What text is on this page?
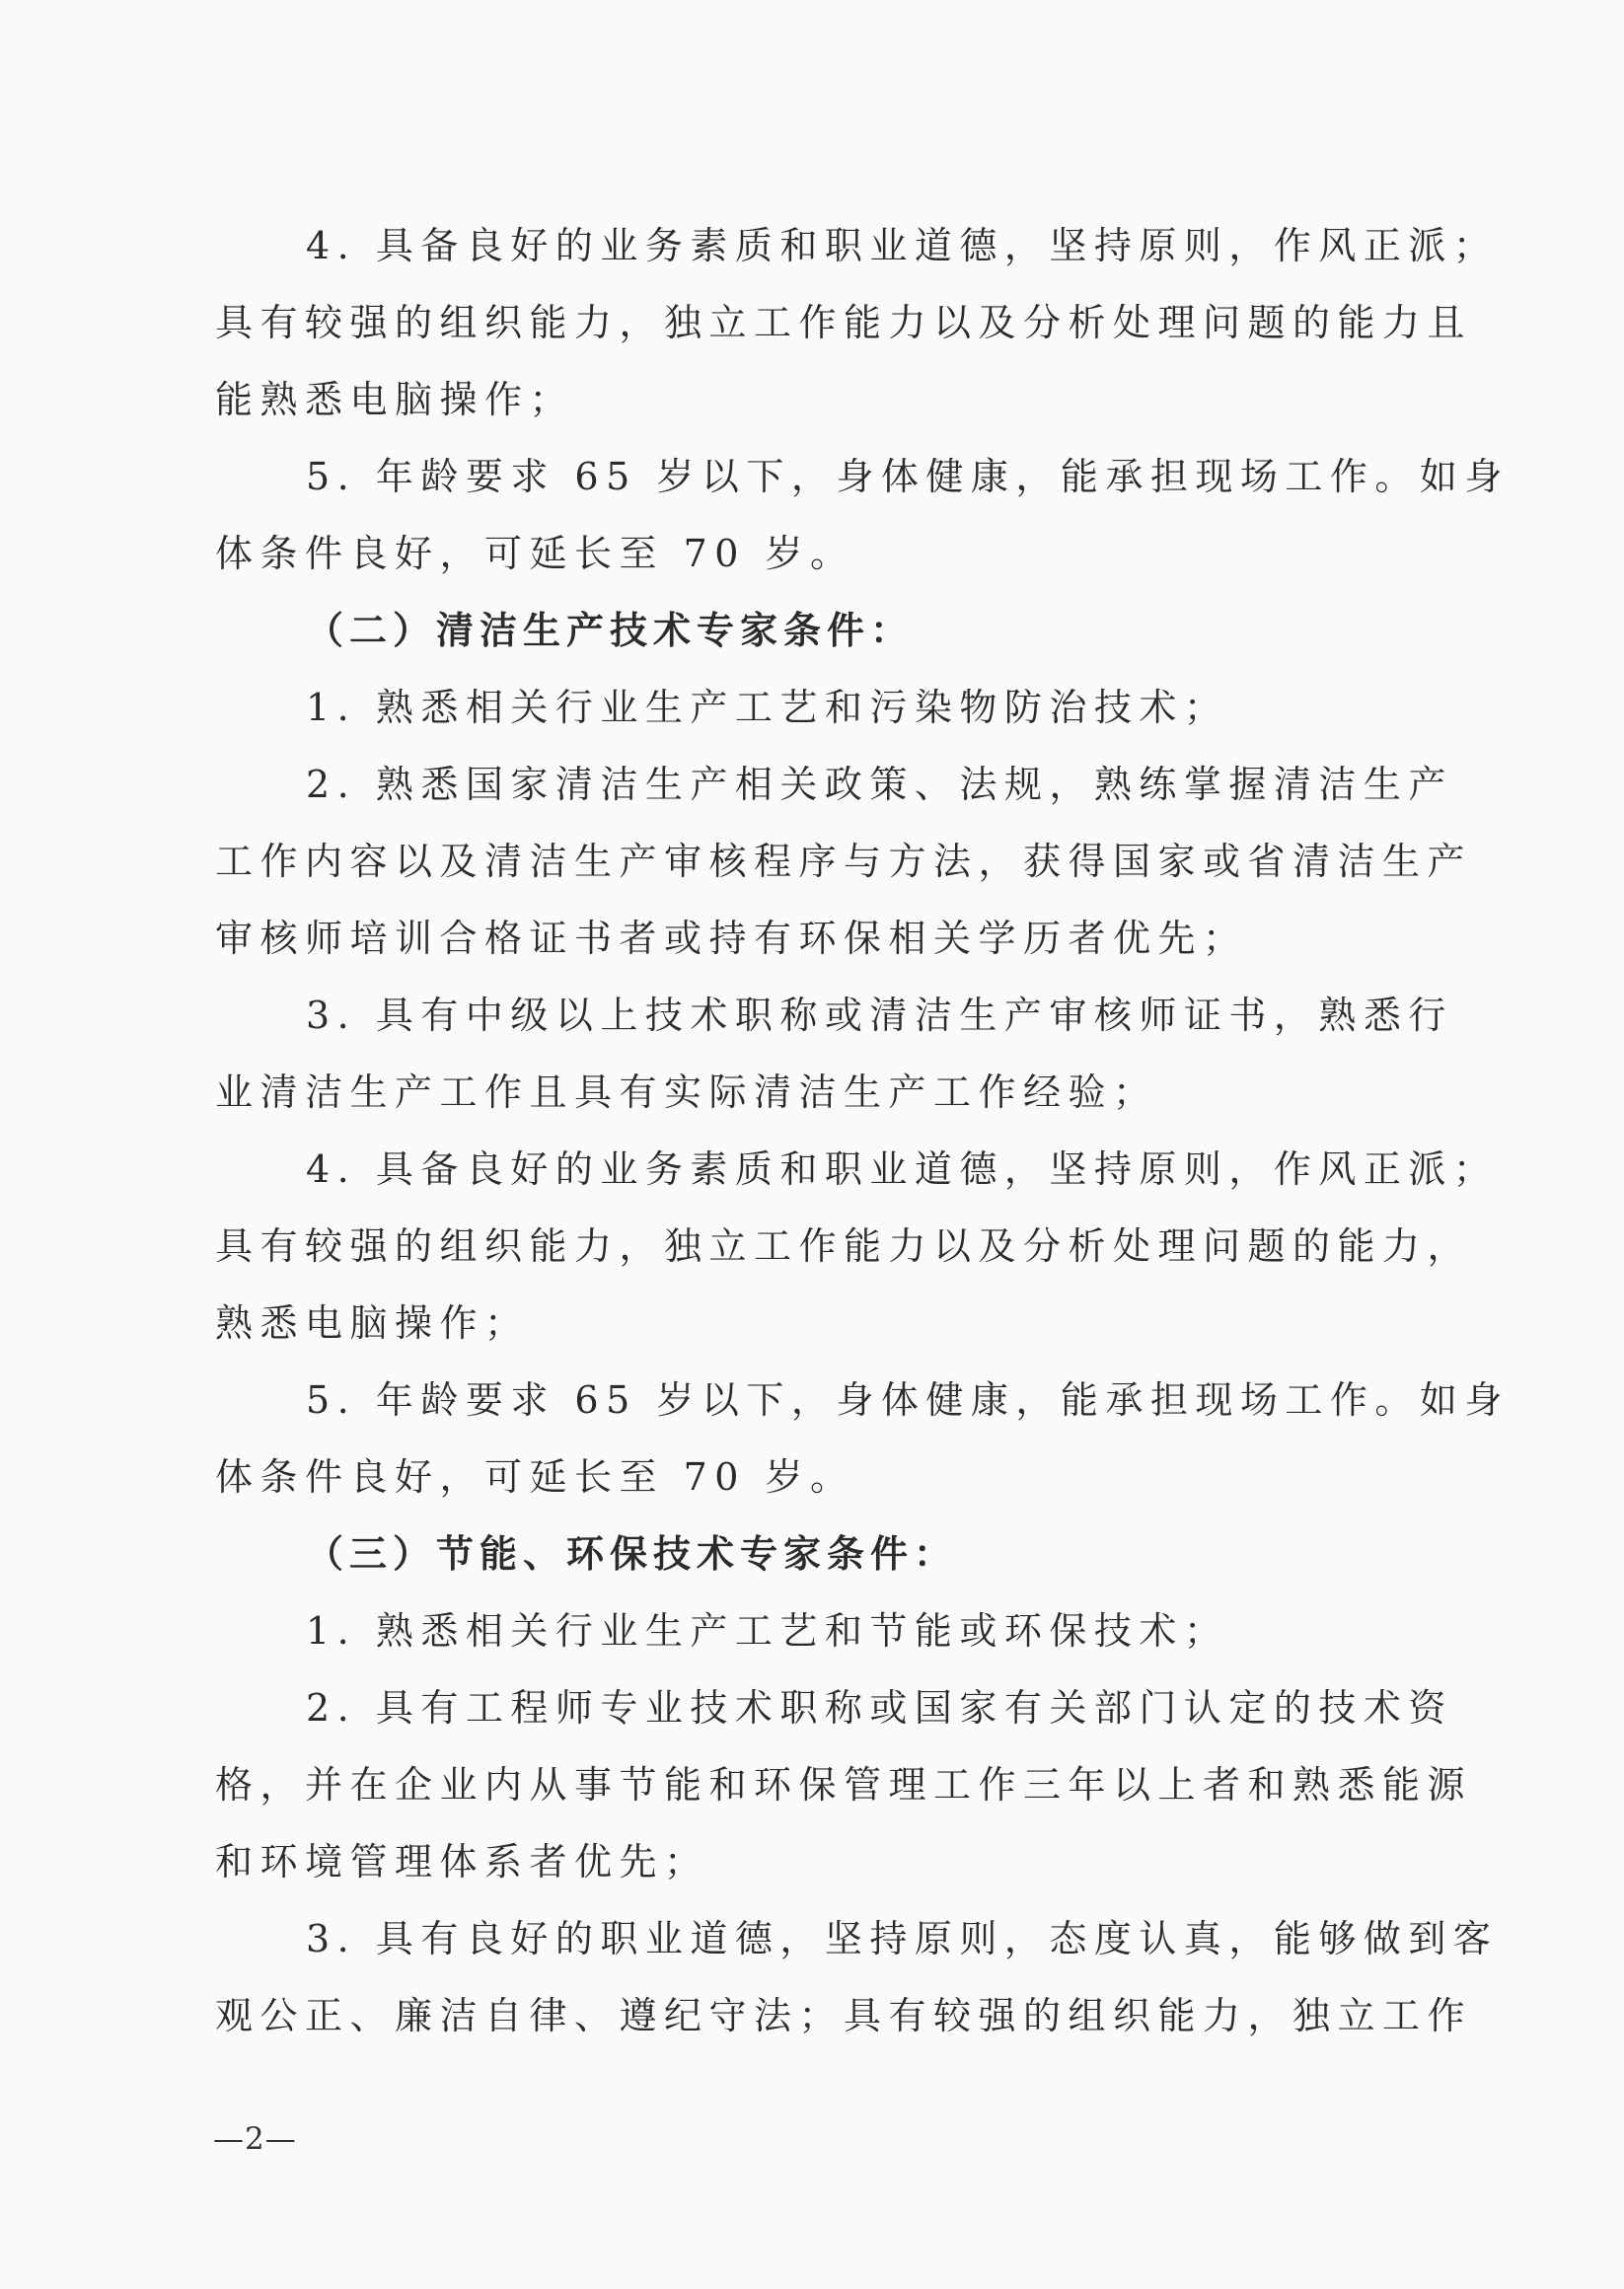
4. 具备良好的业务素质和职业道德，坚持原则，作风正派；
具有较强的组织能力，独立工作能力以及分析处理问题的能力且
能熟悉电脑操作；
5. 年龄要求 65 岁以下，身体健康，能承担现场工作。如身
体条件良好，可延长至 70 岁。
（二）清洁生产技术专家条件：
1. 熟悉相关行业生产工艺和污染物防治技术；
2. 熟悉国家清洁生产相关政策、法规，熟练掌握清洁生产
工作内容以及清洁生产审核程序与方法，获得国家或省清洁生产
审核师培训合格证书者或持有环保相关学历者优先；
3. 具有中级以上技术职称或清洁生产审核师证书，熟悉行
业清洁生产工作且具有实际清洁生产工作经验；
4. 具备良好的业务素质和职业道德，坚持原则，作风正派；
具有较强的组织能力，独立工作能力以及分析处理问题的能力，
熟悉电脑操作；
5. 年龄要求 65 岁以下，身体健康，能承担现场工作。如身
体条件良好，可延长至 70 岁。
（三）节能、环保技术专家条件：
1. 熟悉相关行业生产工艺和节能或环保技术；
2. 具有工程师专业技术职称或国家有关部门认定的技术资
格，并在企业内从事节能和环保管理工作三年以上者和熟悉能源
和环境管理体系者优先；
3. 具有良好的职业道德，坚持原则，态度认真，能够做到客
观公正、廉洁自律、遵纪守法；具有较强的组织能力，独立工作
—2—
